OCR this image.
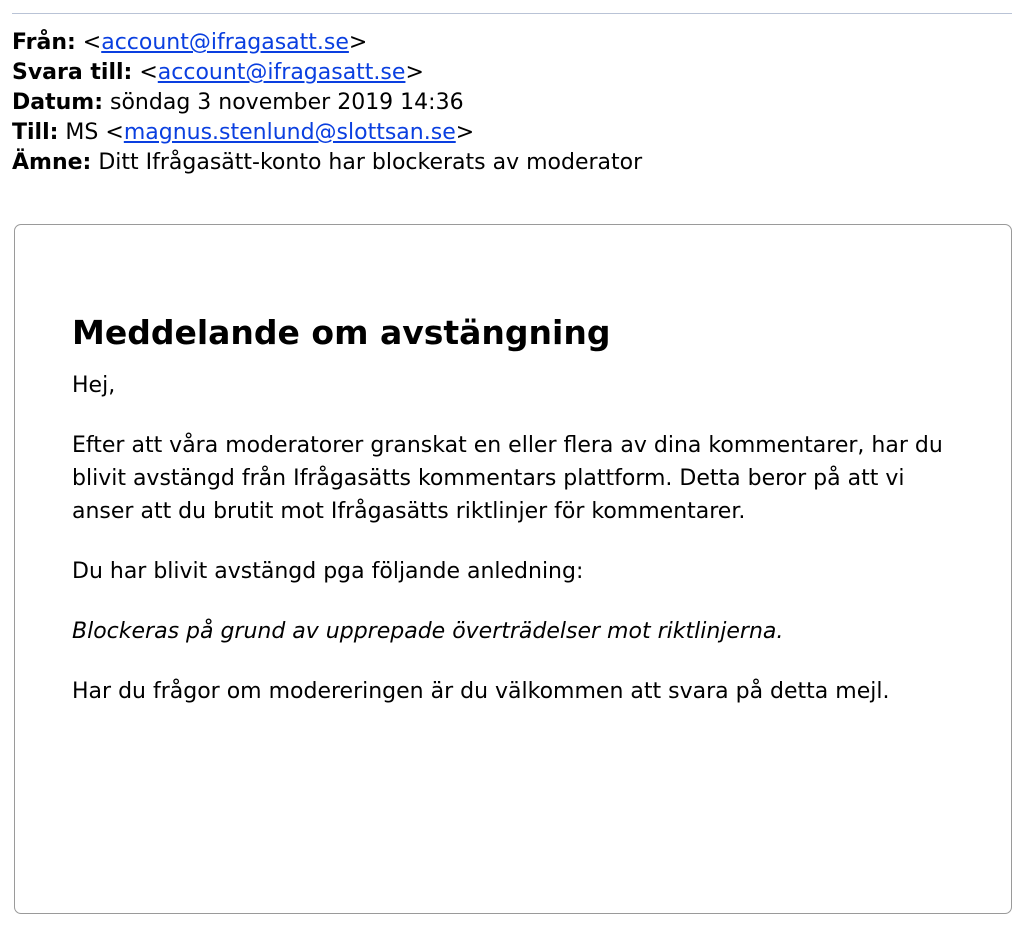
Från: <account@ifragasatt.se>
Svara till: <account@ifragasatt.se>
Datum: söndag 3 november 2019 14:36
Till: MS <magnus.stenlund@slottsan.se>
Ämne: Ditt Ifrågasätt-konto har blockerats av moderator
Meddelande om avstängning

Hej,

Efter att våra moderatorer granskat en eller flera av dina kommentarer, har du blivit avstängd från Ifrågasätts kommentars plattform. Detta beror på att vi anser att du brutit mot Ifrågasätts riktlinjer för kommentarer.

Du har blivit avstängd pga följande anledning:

Blockeras på grund av upprepade överträdelser mot riktlinjerna.

Har du frågor om modereringen är du välkommen att svara på detta mejl.
